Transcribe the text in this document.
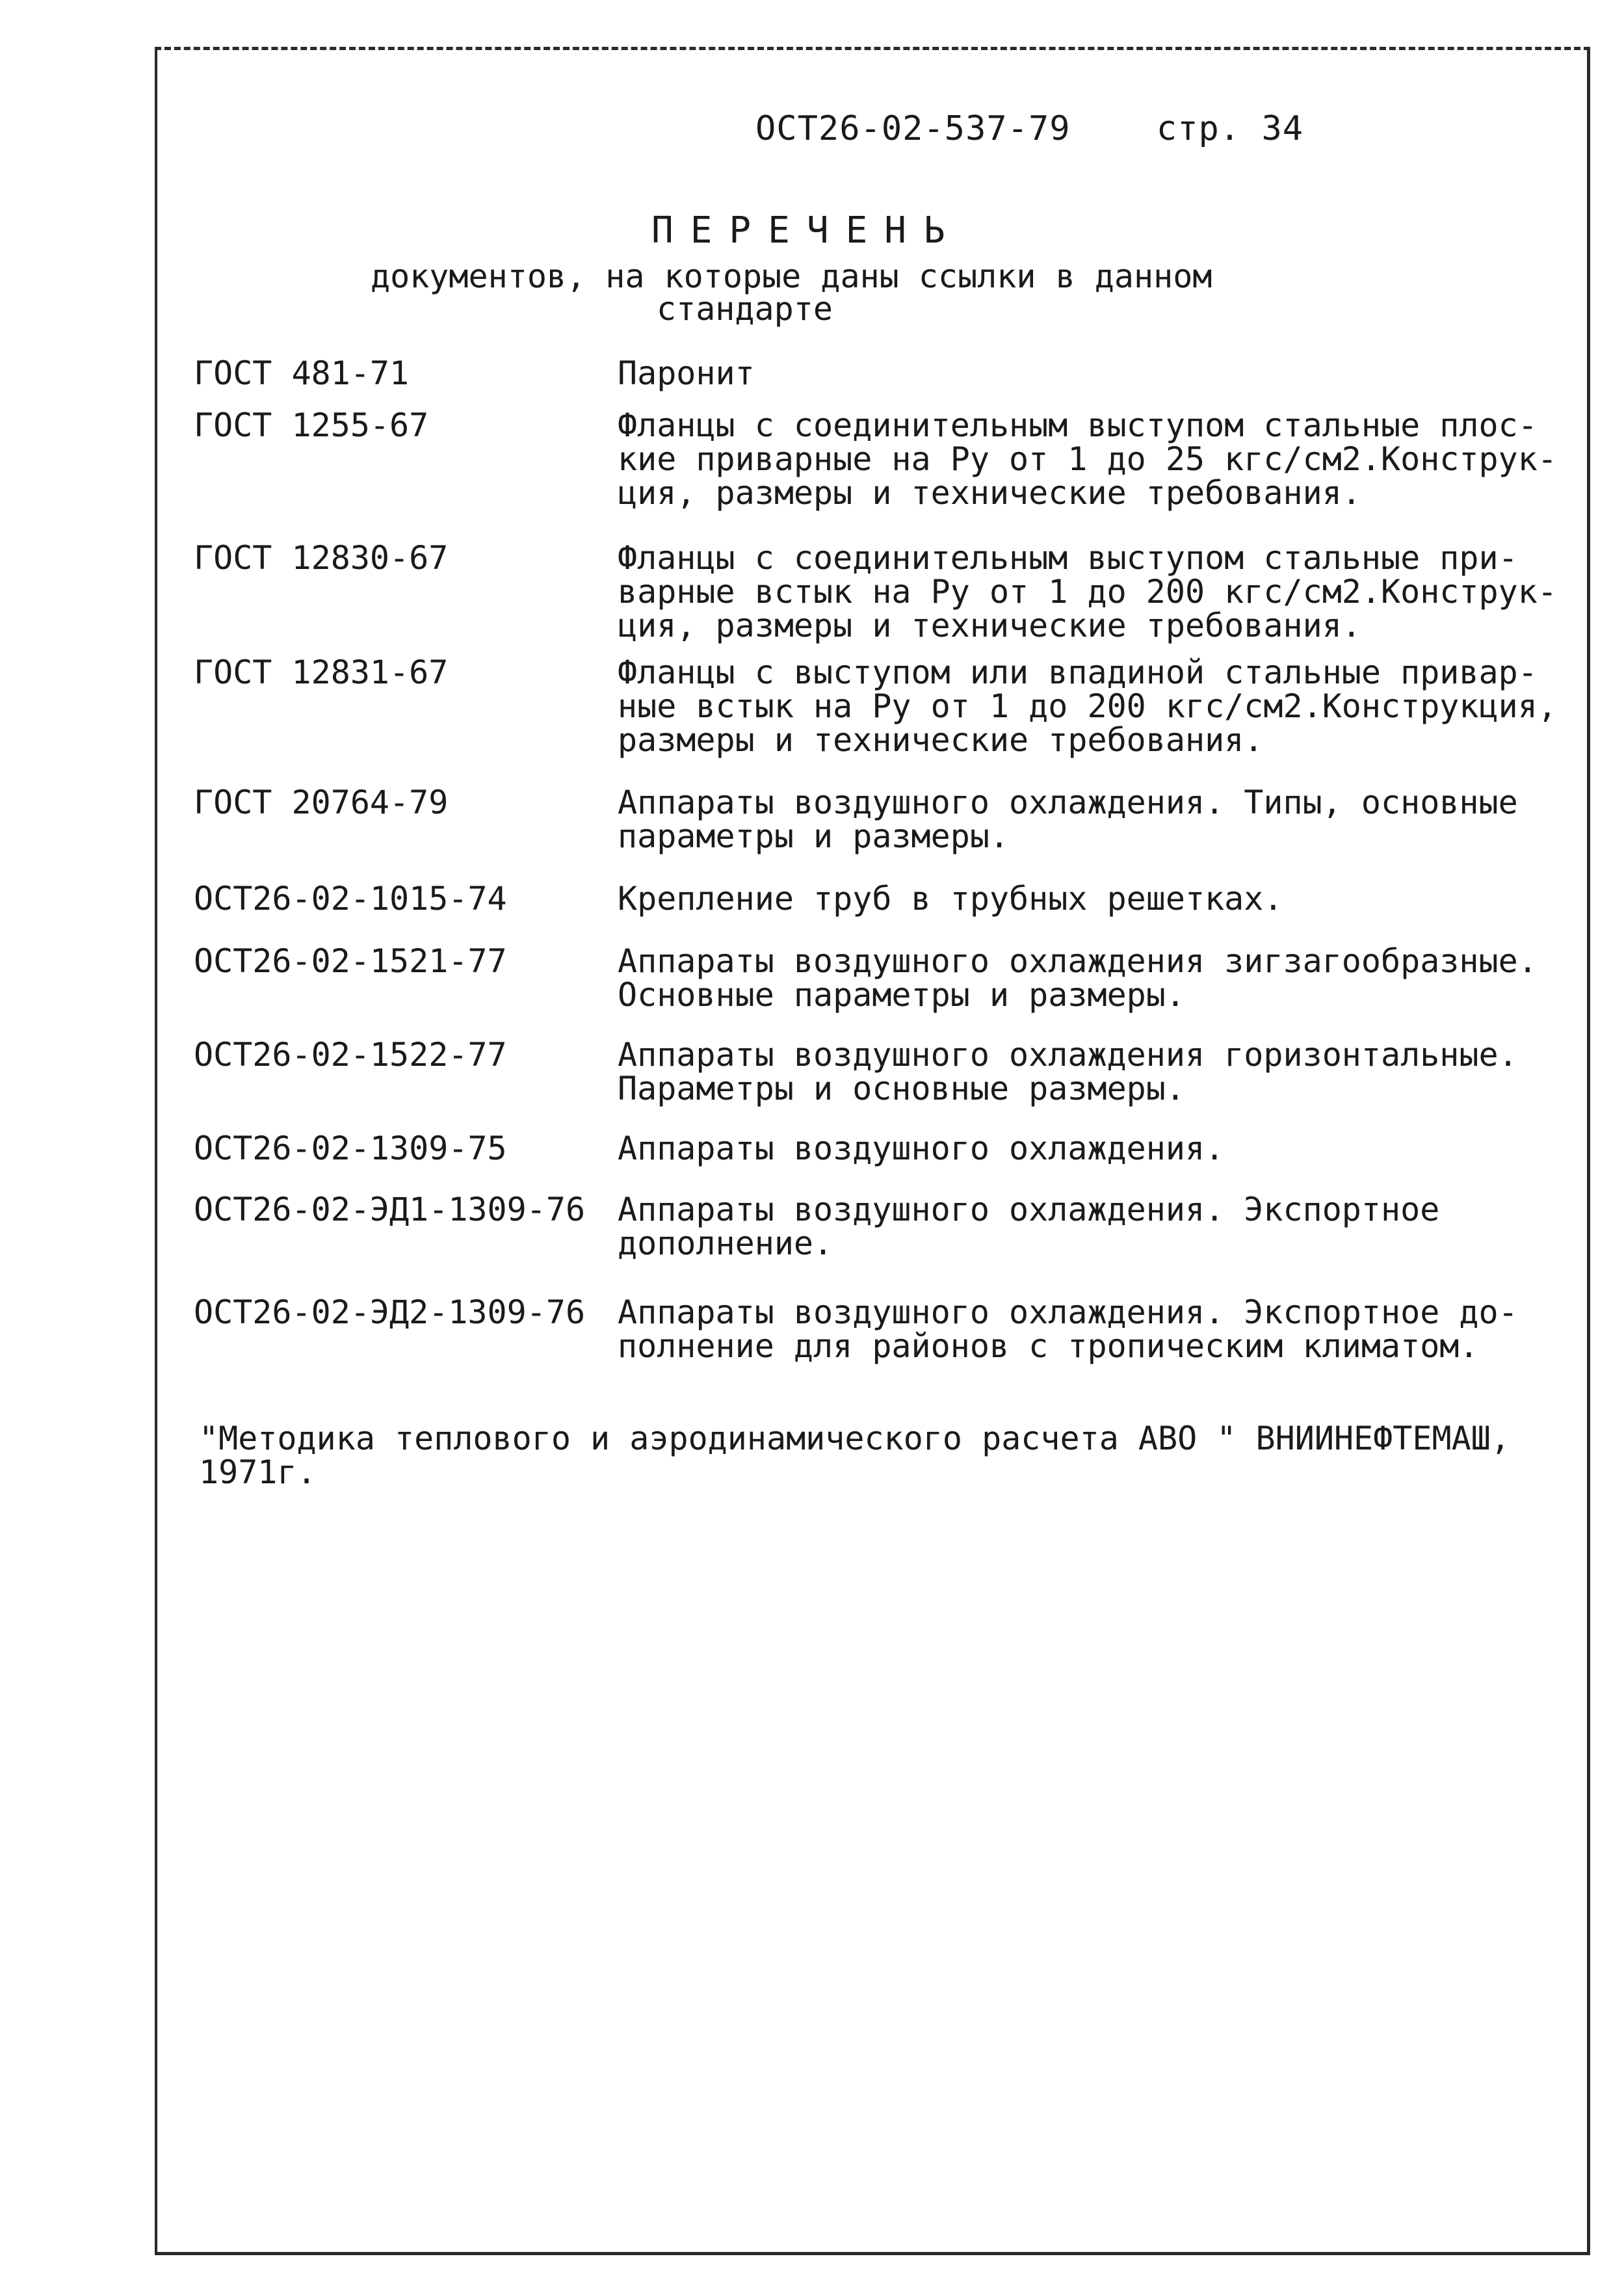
ОСТ26-02-537-79	стр. 34
ПЕРЕЧЕНЬ
документов, на которые даны ссылки в данном
стандарте
ГОСТ 481-71	Паронит
ГОСТ 1255-67	Фланцы с соединительным выступом стальные плос-
кие приварные на Ру от 1 до 25 кгс/см2.Конструк-
ция, размеры и технические требования.
ГОСТ 12830-67	Фланцы с соединительным выступом стальные при-
варные встык на Ру от 1 до 200 кгс/см2.Конструк-
ция, размеры и технические требования.
ГОСТ 12831-67	Фланцы с выступом или впадиной стальные привар-
ные встык на Ру от 1 до 200 кгс/см2.Конструкция,
размеры и технические требования.
ГОСТ 20764-79	Аппараты воздушного охлаждения. Типы, основные
параметры и размеры.
ОСТ26-02-1015-74	Крепление труб в трубных решетках.
ОСТ26-02-1521-77	Аппараты воздушного охлаждения зигзагообразные.
Основные параметры и размеры.
ОСТ26-02-1522-77	Аппараты воздушного охлаждения горизонтальные.
Параметры и основные размеры.
ОСТ26-02-1309-75	Аппараты воздушного охлаждения.
ОСТ26-02-ЭД1-1309-76 Аппараты воздушного охлаждения. Экспортное
дополнение.
ОСТ26-02-ЭД2-1309-76 Аппараты воздушного охлаждения. Экспортное до-
полнение для районов с тропическим климатом.
"Методика теплового и аэродинамического расчета АВО " ВНИИНЕФТЕМАШ,
1971г.
